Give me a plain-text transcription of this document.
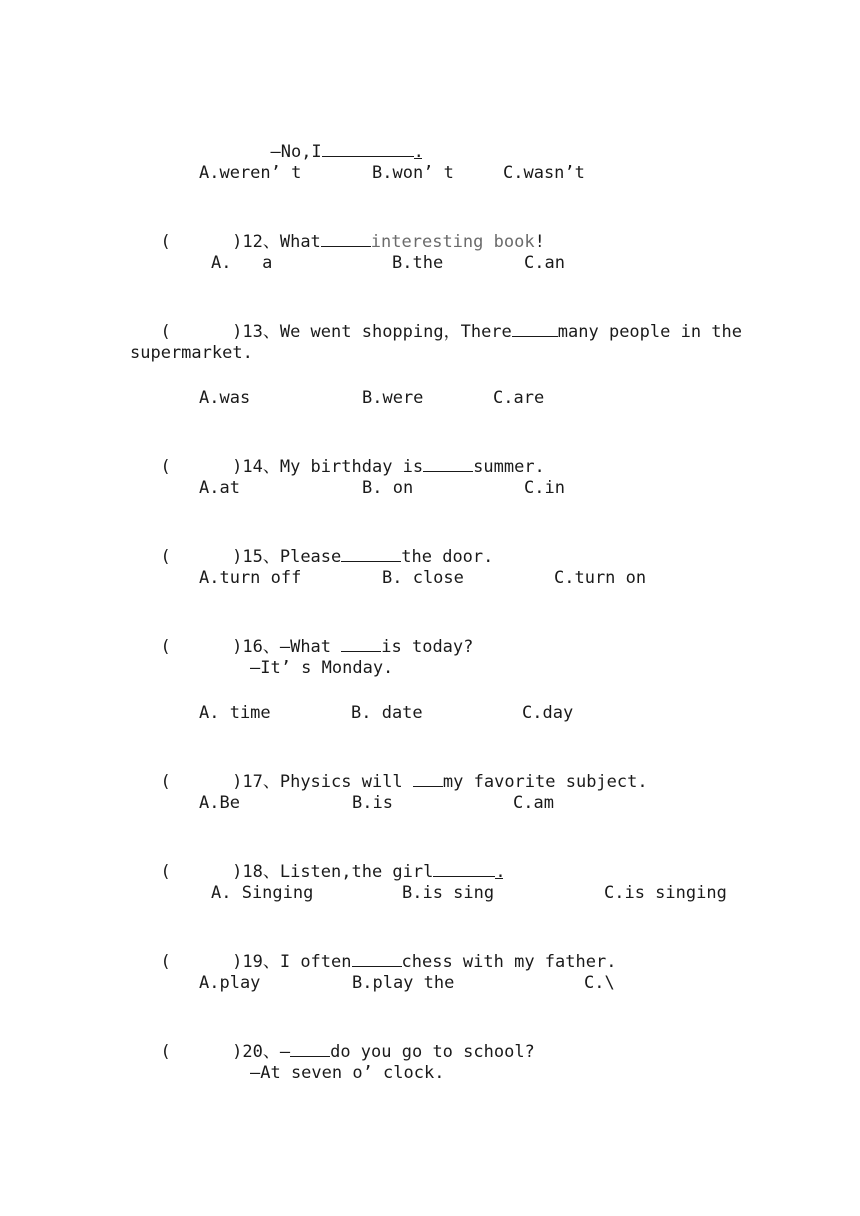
—No,I	.

A.weren’ t	B.won’ t	C.wasn’t

(      )12、What	interesting book!

A.   a	B.the	C.an

(      )13、We went shopping，There	many people in the

supermarket.
A.was	B.were	C.are

(      )14、My birthday is	summer.

A.at	B. on	C.in

(      )15、Please	the door.

A.turn off	B. close	C.turn on

(      )16、—What is today?

—It’ s Monday.
A. time	B. date	C.day

(      )17、Physics will my favorite subject.

A.Be	B.is	C.am

(      )18、Listen,the girl	.

A. Singing	B.is sing	C.is singing

(      )19、I often	chess with my father.

A.play	B.play the	C.\

(      )20、— do you go to school?

—At seven o’ clock.
